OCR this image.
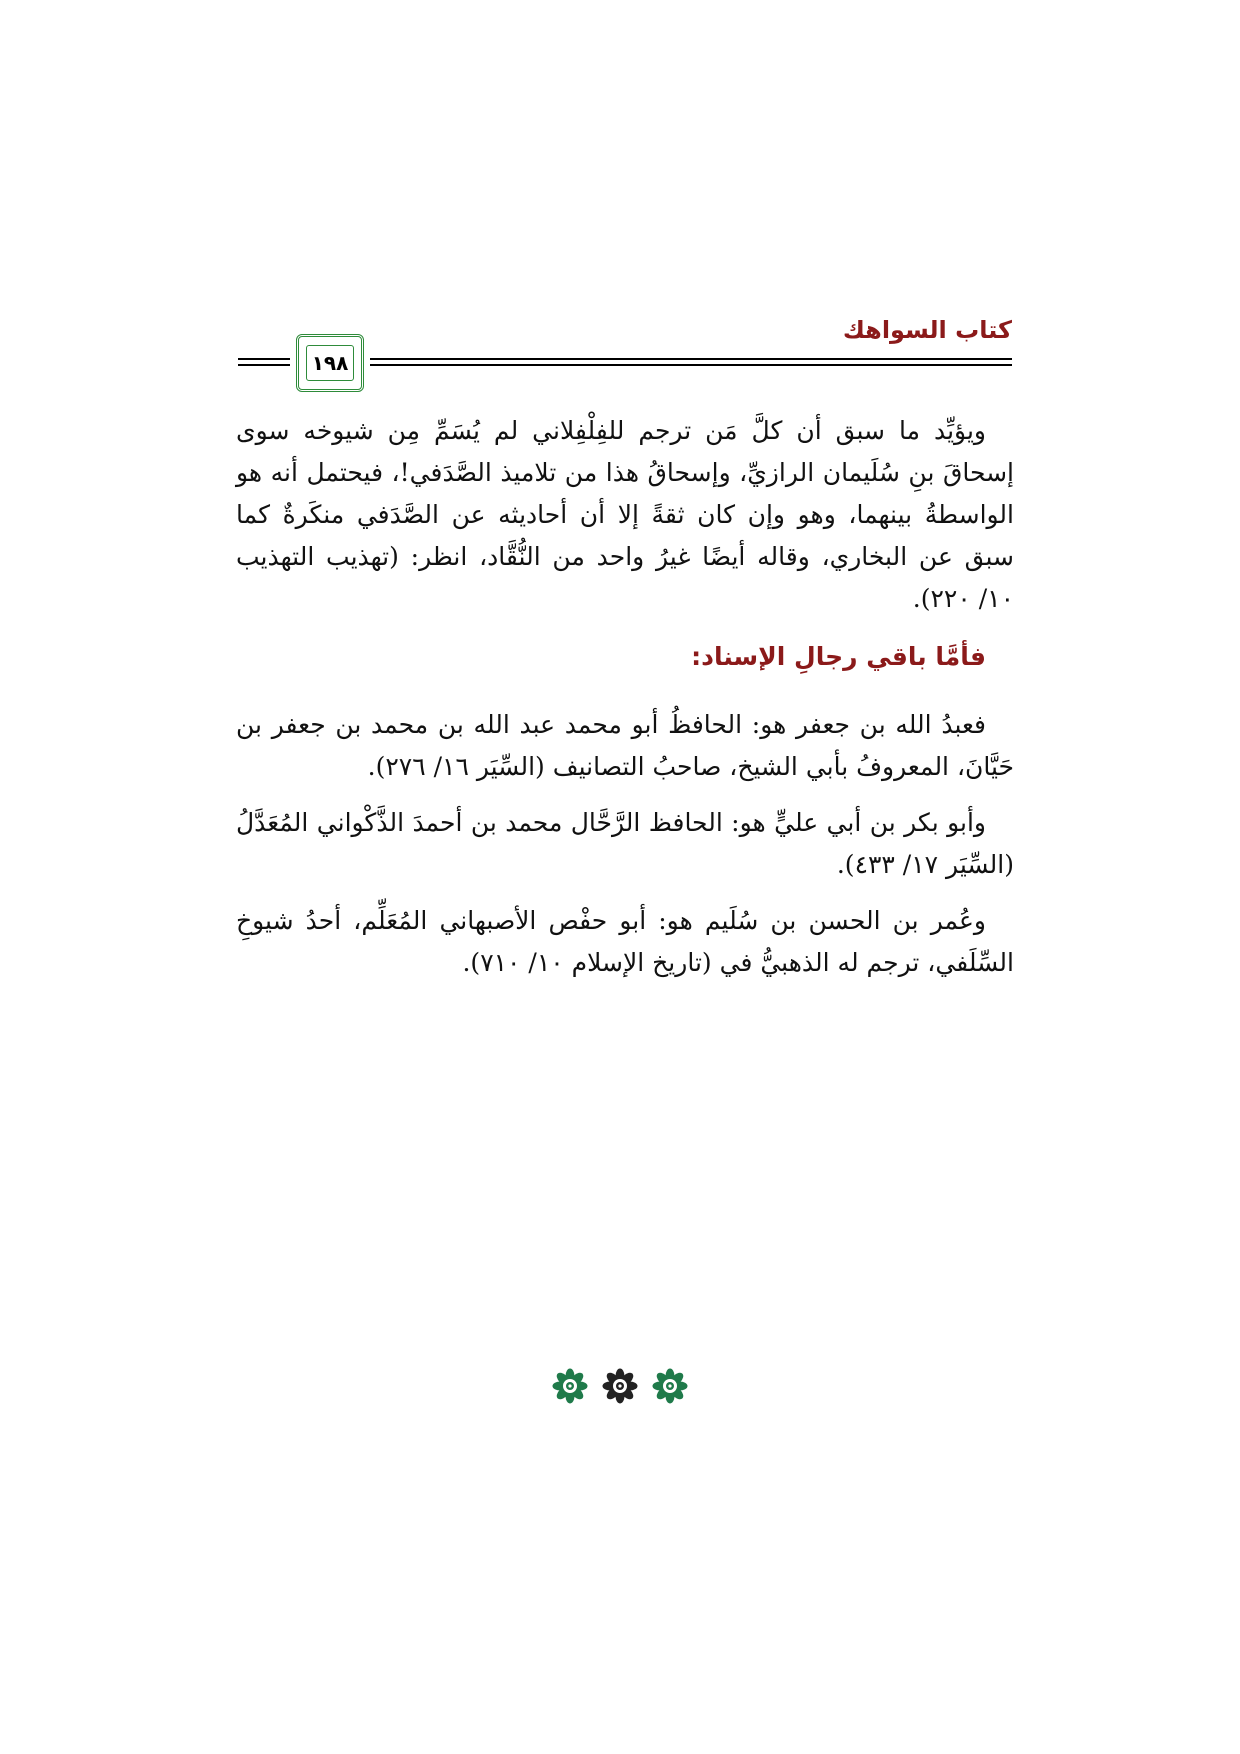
كتاب السواهك
١٩٨

ويؤيِّد ما سبق أن كلَّ مَن ترجم للفِلْفِلاني لم يُسَمِّ مِن شيوخه سوى إسحاقَ بنِ سُلَيمان الرازيِّ، وإسحاقُ هذا من تلاميذ الصَّدَفي!، فيحتمل أنه هو الواسطةُ بينهما، وهو وإن كان ثقةً إلا أن أحاديثه عن الصَّدَفي منكَرةٌ كما سبق عن البخاري، وقاله أيضًا غيرُ واحد من النُّقَّاد، انظر: (تهذيب التهذيب ١٠/ ٢٢٠).

فأمَّا باقي رجالِ الإسناد:

فعبدُ الله بن جعفر هو: الحافظُ أبو محمد عبد الله بن محمد بن جعفر بن حَيَّانَ، المعروفُ بأبي الشيخ، صاحبُ التصانيف (السِّيَر ١٦/ ٢٧٦).

وأبو بكر بن أبي عليٍّ هو: الحافظ الرَّحَّال محمد بن أحمدَ الذَّكْواني المُعَدَّلُ (السِّيَر ١٧/ ٤٣٣).

وعُمر بن الحسن بن سُلَيم هو: أبو حفْص الأصبهاني المُعَلِّم، أحدُ شيوخِ السِّلَفي، ترجم له الذهبيُّ في (تاريخ الإسلام ١٠/ ٧١٠).
